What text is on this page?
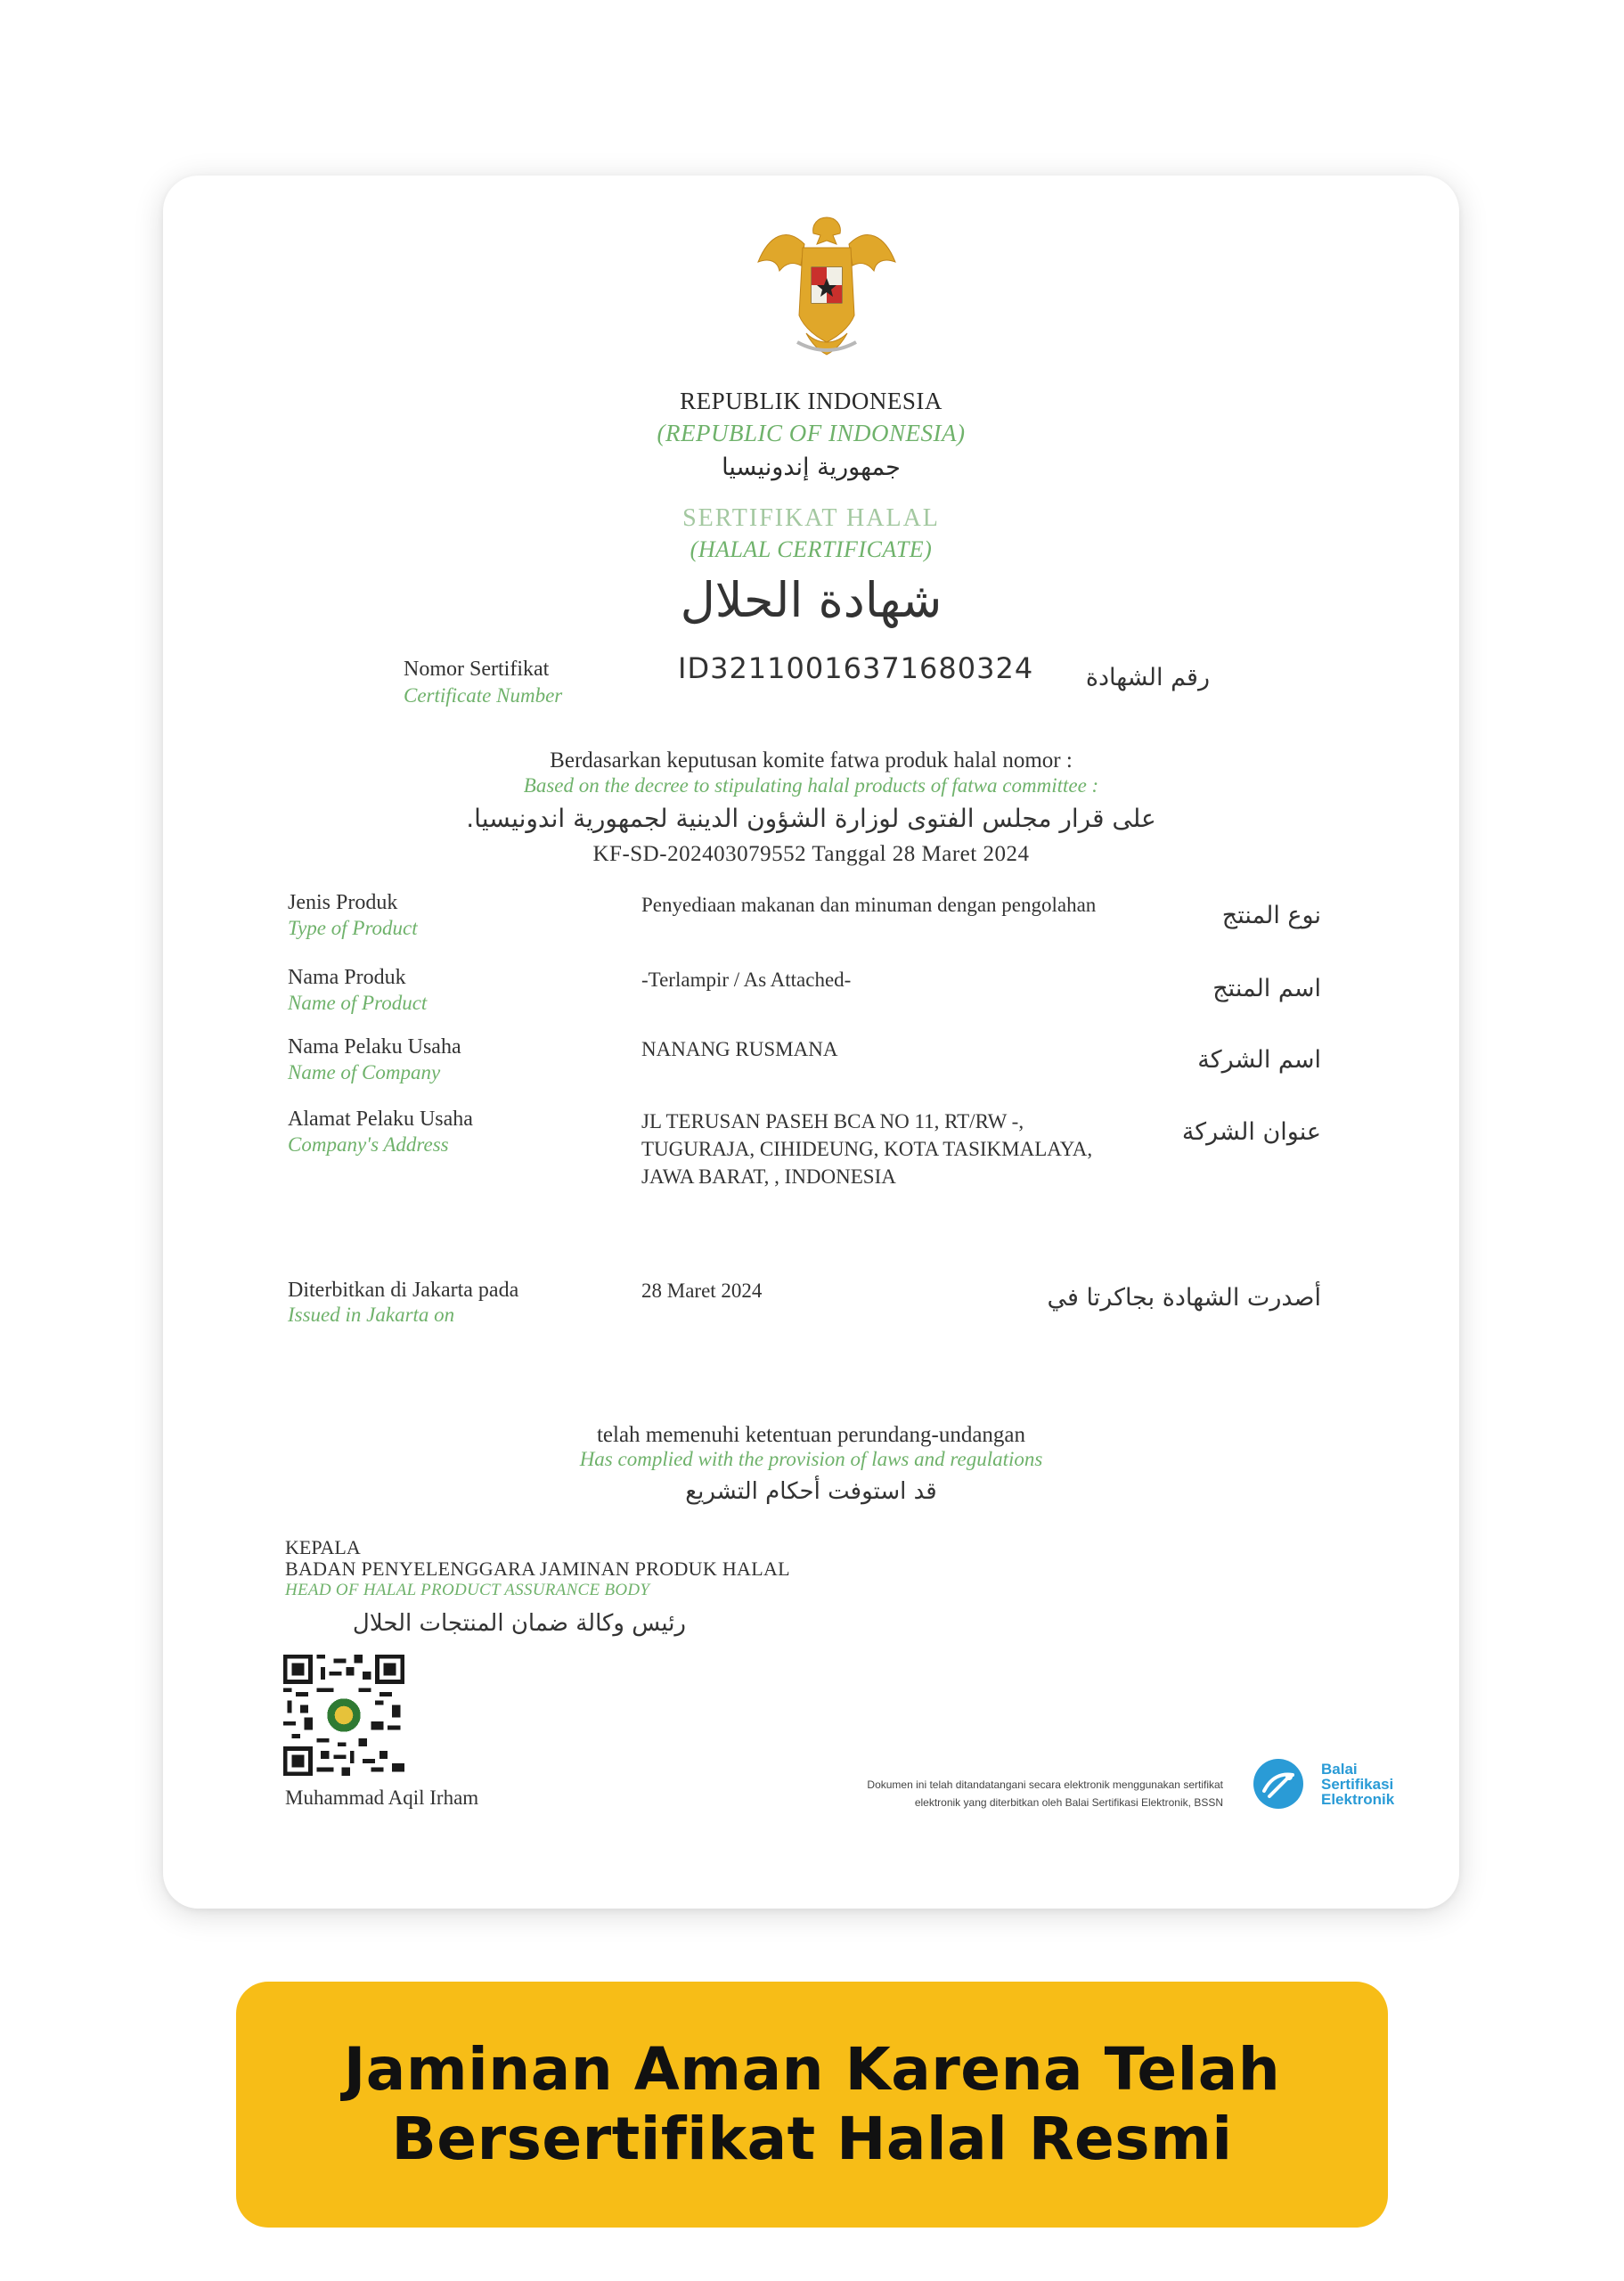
REPUBLIK INDONESIA
(REPUBLIC OF INDONESIA)
جمهورية إندونيسيا
SERTIFIKAT HALAL
(HALAL CERTIFICATE)
شهادة الحلال
Nomor Sertifikat
Certificate Number
ID32110016371680324	رقم الشهادة
Berdasarkan keputusan komite fatwa produk halal nomor :
Based on the decree to stipulating halal products of fatwa committee :
على قرار مجلس الفتوى لوزارة الشؤون الدينية لجمهورية اندونيسيا.
KF-SD-202403079552 Tanggal 28 Maret 2024
Jenis Produk
Type of Product
Penyediaan makanan dan minuman dengan pengolahan	نوع المنتج
Nama Produk
Name of Product
-Terlampir / As Attached-	اسم المنتج
Nama Pelaku Usaha
Name of Company
NANANG RUSMANA	اسم الشركة
Alamat Pelaku Usaha
Company's Address
JL TERUSAN PASEH BCA NO 11, RT/RW -, TUGURAJA, CIHIDEUNG, KOTA TASIKMALAYA, JAWA BARAT, , INDONESIA
عنوان الشركة
Diterbitkan di Jakarta pada
Issued in Jakarta on
28 Maret 2024	أصدرت الشهادة بجاكرتا في
telah memenuhi ketentuan perundang-undangan
Has complied with the provision of laws and regulations
قد استوفت أحكام التشريع
KEPALA
BADAN PENYELENGGARA JAMINAN PRODUK HALAL
HEAD OF HALAL PRODUCT ASSURANCE BODY
رئيس وكالة ضمان المنتجات الحلال
Muhammad Aqil Irham
Dokumen ini telah ditandatangani secara elektronik menggunakan sertifikat
elektronik yang diterbitkan oleh Balai Sertifikasi Elektronik, BSSN
Balai
Sertifikasi
Elektronik
Jaminan Aman Karena Telah
Bersertifikat Halal Resmi
